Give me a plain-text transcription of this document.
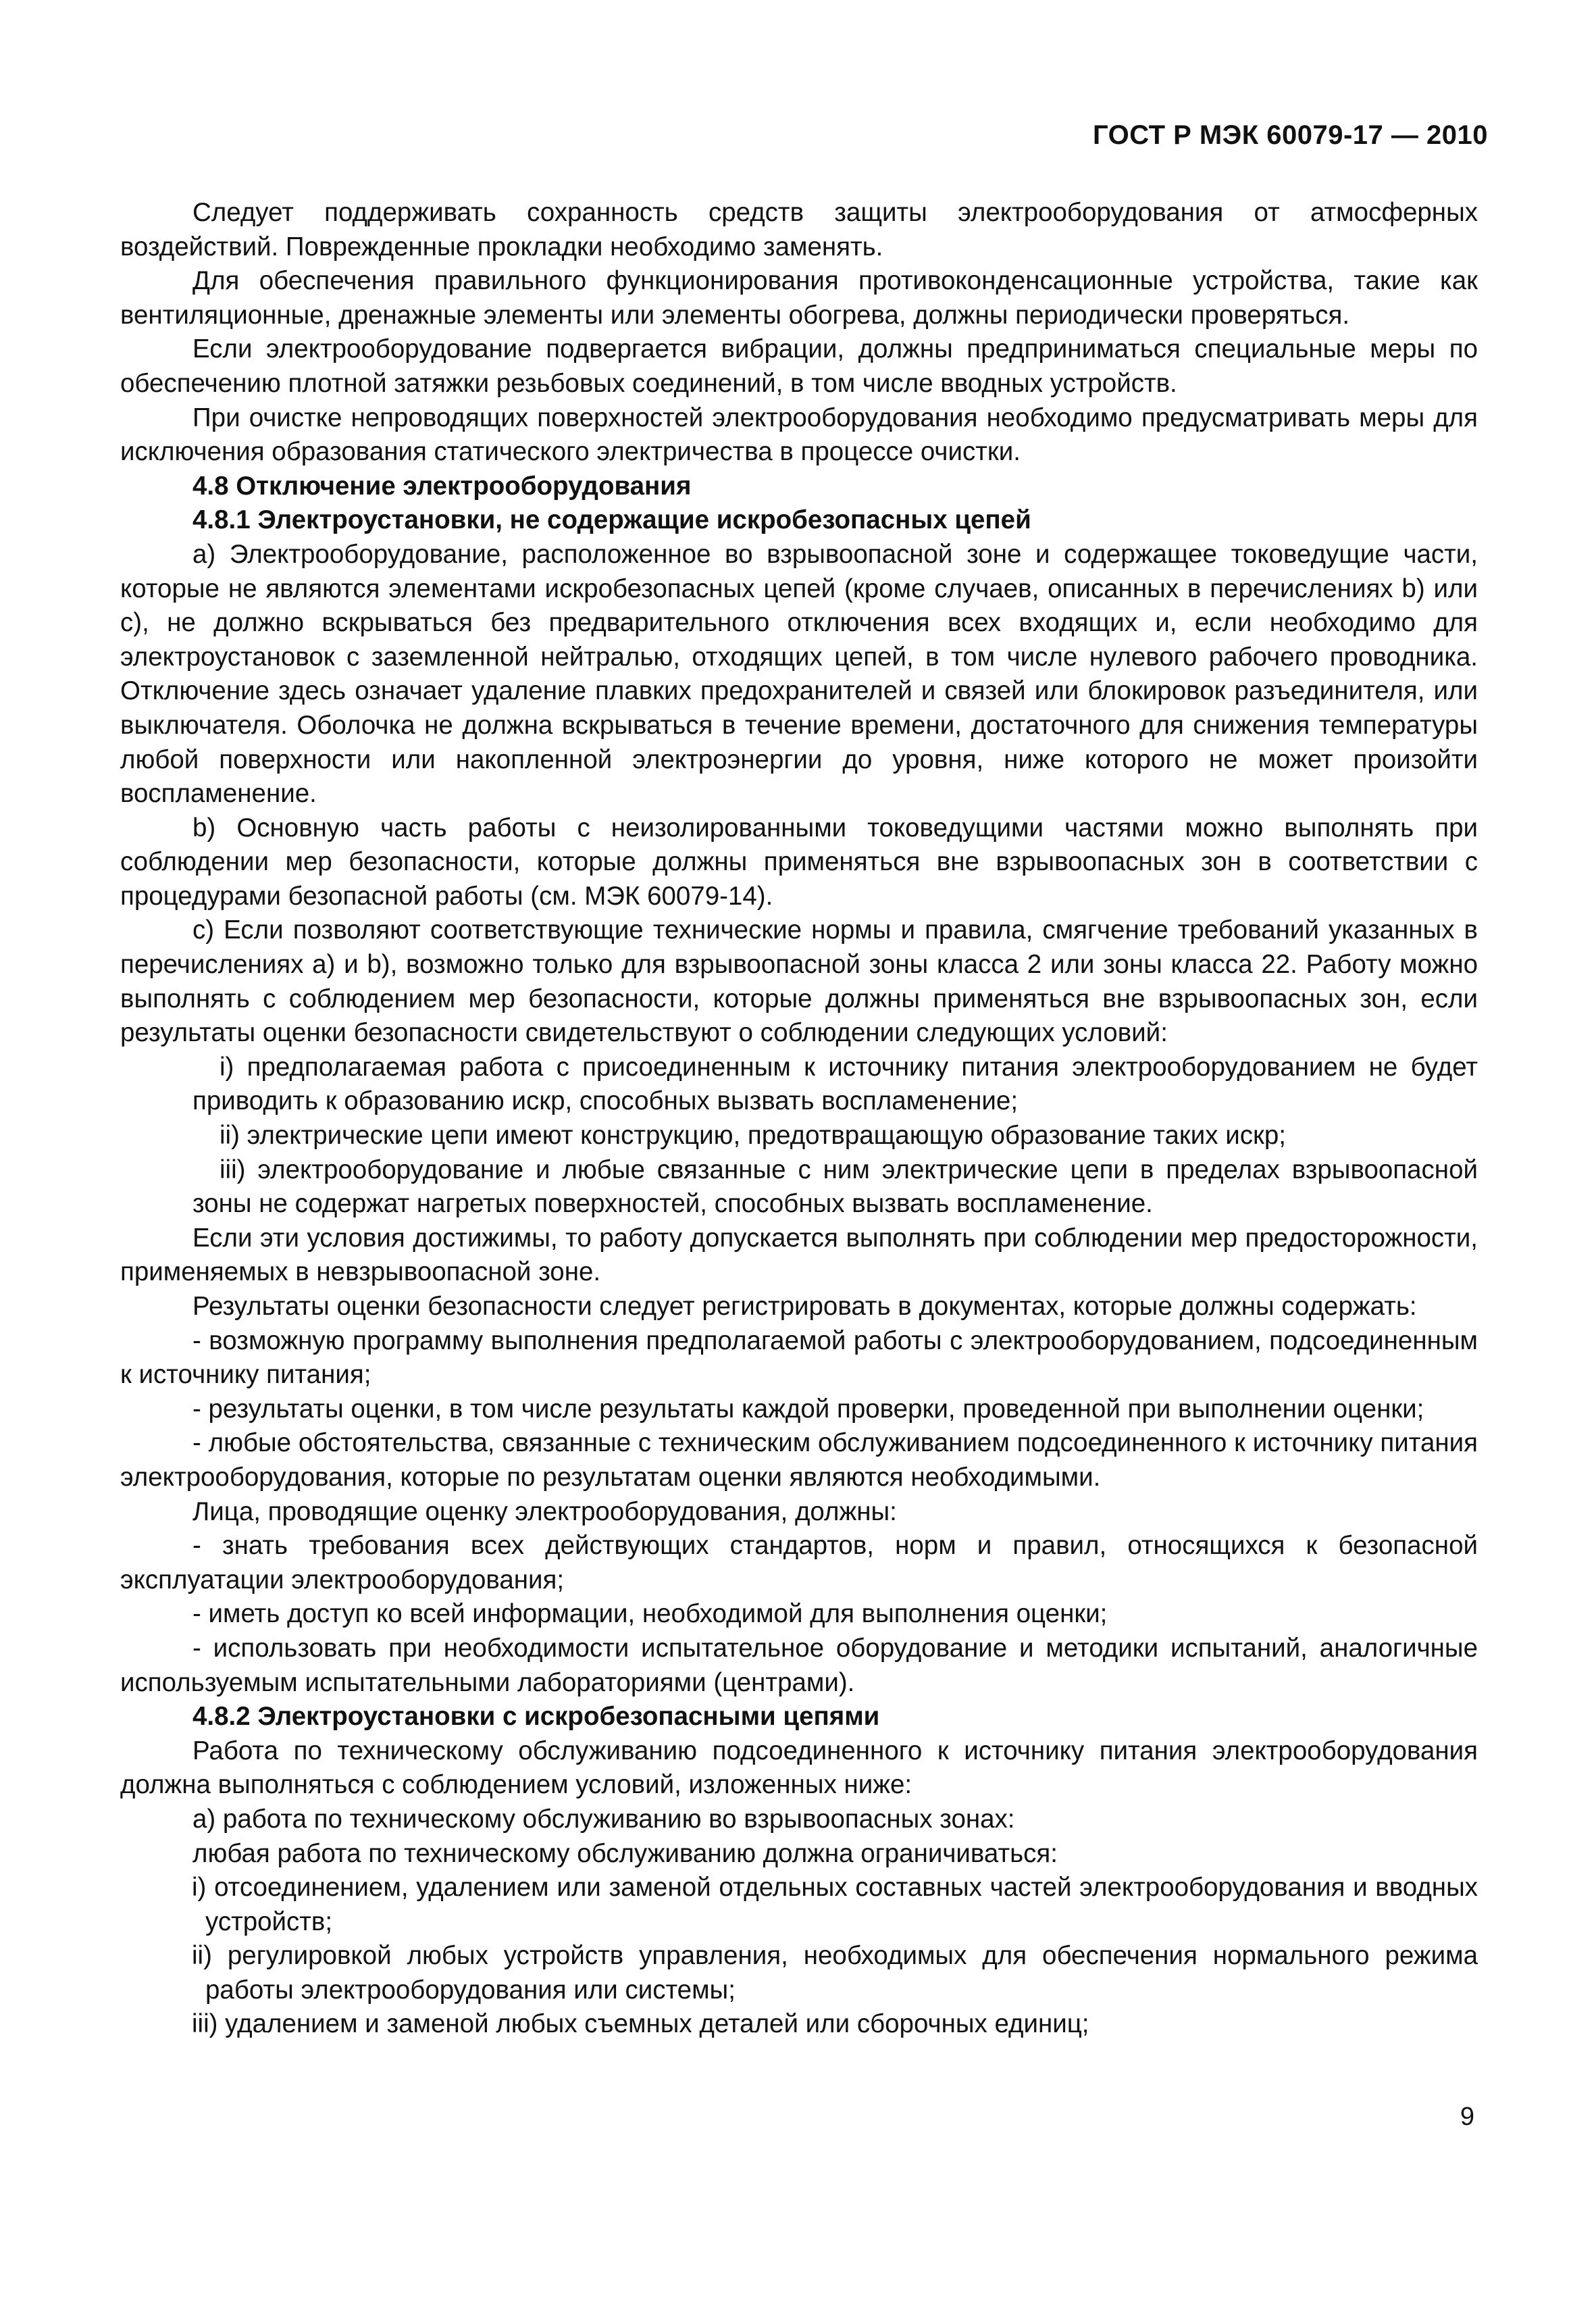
ГОСТ Р МЭК 60079-17 — 2010

Следует поддерживать сохранность средств защиты электрооборудования от атмосферных воздействий. Поврежденные прокладки необходимо заменять.

Для обеспечения правильного функционирования противоконденсационные устройства, такие как вентиляционные, дренажные элементы или элементы обогрева, должны периодически проверяться.

Если электрооборудование подвергается вибрации, должны предприниматься специальные меры по обеспечению плотной затяжки резьбовых соединений, в том числе вводных устройств.

При очистке непроводящих поверхностей электрооборудования необходимо предусматривать меры для исключения образования статического электричества в процессе очистки.

4.8 Отключение электрооборудования

4.8.1 Электроустановки, не содержащие искробезопасных цепей

а) Электрооборудование, расположенное во взрывоопасной зоне и содержащее токоведущие части, которые не являются элементами искробезопасных цепей (кроме случаев, описанных в перечислениях b) или с), не должно вскрываться без предварительного отключения всех входящих и, если необходимо для электроустановок с заземленной нейтралью, отходящих цепей, в том числе нулевого рабочего проводника. Отключение здесь означает удаление плавких предохранителей и связей или блокировок разъединителя, или выключателя. Оболочка не должна вскрываться в течение времени, достаточного для снижения температуры любой поверхности или накопленной электроэнергии до уровня, ниже которого не может произойти воспламенение.

b) Основную часть работы с неизолированными токоведущими частями можно выполнять при соблюдении мер безопасности, которые должны применяться вне взрывоопасных зон в соответствии с процедурами безопасной работы (см. МЭК 60079-14).

с) Если позволяют соответствующие технические нормы и правила, смягчение требований указанных в перечислениях а) и b), возможно только для взрывоопасной зоны класса 2 или зоны класса 22. Работу можно выполнять с соблюдением мер безопасности, которые должны применяться вне взрывоопасных зон, если результаты оценки безопасности свидетельствуют о соблюдении следующих условий:

i) предполагаемая работа с присоединенным к источнику питания электрооборудованием не будет приводить к образованию искр, способных вызвать воспламенение;

ii) электрические цепи имеют конструкцию, предотвращающую образование таких искр;

iii) электрооборудование и любые связанные с ним электрические цепи в пределах взрывоопасной зоны не содержат нагретых поверхностей, способных вызвать воспламенение.

Если эти условия достижимы, то работу допускается выполнять при соблюдении мер предосторожности, применяемых в невзрывоопасной зоне.

Результаты оценки безопасности следует регистрировать в документах, которые должны содержать:

- возможную программу выполнения предполагаемой работы с электрооборудованием, подсоединенным к источнику питания;

- результаты оценки, в том числе результаты каждой проверки, проведенной при выполнении оценки;

- любые обстоятельства, связанные с техническим обслуживанием подсоединенного к источнику питания электрооборудования, которые по результатам оценки являются необходимыми.

Лица, проводящие оценку электрооборудования, должны:

- знать требования всех действующих стандартов, норм и правил, относящихся к безопасной эксплуатации электрооборудования;

- иметь доступ ко всей информации, необходимой для выполнения оценки;

- использовать при необходимости испытательное оборудование и методики испытаний, аналогичные используемым испытательными лабораториями (центрами).

4.8.2 Электроустановки с искробезопасными цепями

Работа по техническому обслуживанию подсоединенного к источнику питания электрооборудования должна выполняться с соблюдением условий, изложенных ниже:

а) работа по техническому обслуживанию во взрывоопасных зонах:

любая работа по техническому обслуживанию должна ограничиваться:

i) отсоединением, удалением или заменой отдельных составных частей электрооборудования и вводных устройств;

ii) регулировкой любых устройств управления, необходимых для обеспечения нормального режима работы электрооборудования или системы;

iii) удалением и заменой любых съемных деталей или сборочных единиц;

9
